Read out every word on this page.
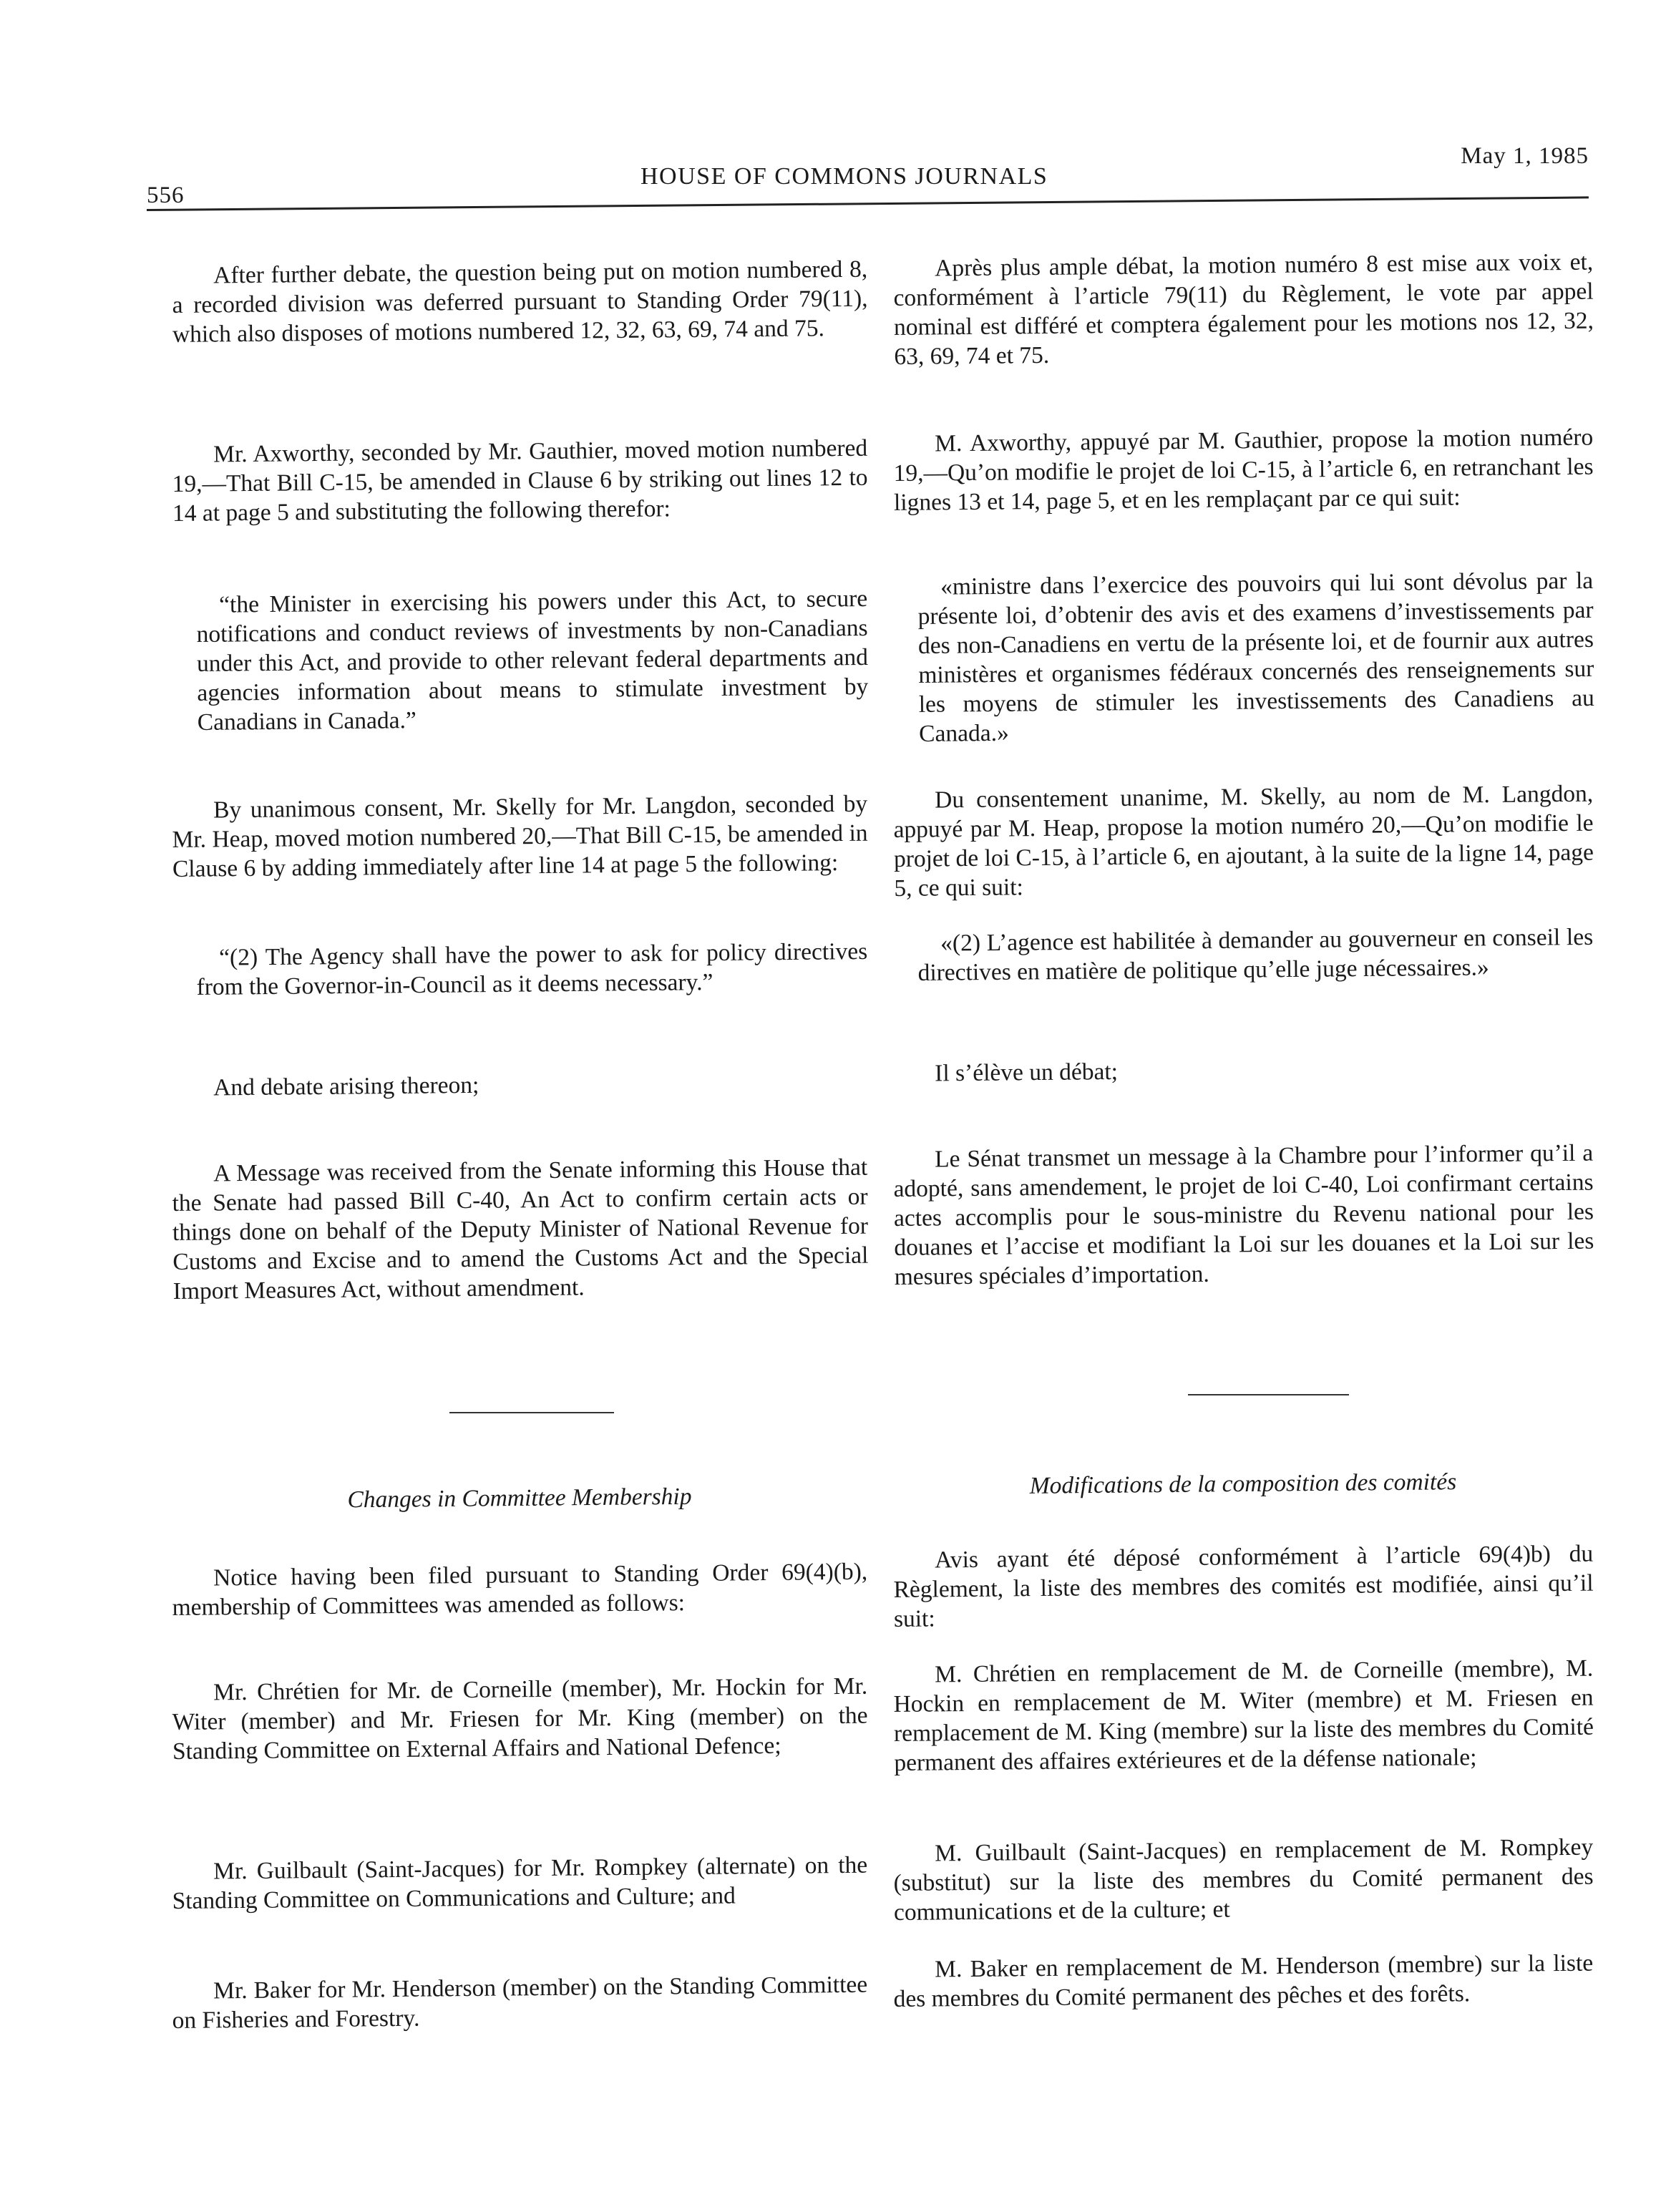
556
HOUSE OF COMMONS JOURNALS
May 1, 1985

After further debate, the question being put on motion numbered 8, a recorded division was deferred pursuant to Standing Order 79(11), which also disposes of motions numbered 12, 32, 63, 69, 74 and 75.

Mr. Axworthy, seconded by Mr. Gauthier, moved motion numbered 19,—That Bill C-15, be amended in Clause 6 by striking out lines 12 to 14 at page 5 and substituting the following therefor:

“the Minister in exercising his powers under this Act, to secure notifications and conduct reviews of investments by non-Canadians under this Act, and provide to other relevant federal departments and agencies information about means to stimulate investment by Canadians in Canada.”

By unanimous consent, Mr. Skelly for Mr. Langdon, seconded by Mr. Heap, moved motion numbered 20,—That Bill C-15, be amended in Clause 6 by adding immediately after line 14 at page 5 the following:

“(2) The Agency shall have the power to ask for policy directives from the Governor-in-Council as it deems necessary.”

And debate arising thereon;

A Message was received from the Senate informing this House that the Senate had passed Bill C-40, An Act to confirm certain acts or things done on behalf of the Deputy Minister of National Revenue for Customs and Excise and to amend the Customs Act and the Special Import Measures Act, without amendment.

Changes in Committee Membership

Notice having been filed pursuant to Standing Order 69(4)(b), membership of Committees was amended as follows:

Mr. Chrétien for Mr. de Corneille (member), Mr. Hockin for Mr. Witer (member) and Mr. Friesen for Mr. King (member) on the Standing Committee on External Affairs and National Defence;

Mr. Guilbault (Saint-Jacques) for Mr. Rompkey (alternate) on the Standing Committee on Communications and Culture; and

Mr. Baker for Mr. Henderson (member) on the Standing Committee on Fisheries and Forestry.

Après plus ample débat, la motion numéro 8 est mise aux voix et, conformément à l’article 79(11) du Règlement, le vote par appel nominal est différé et comptera également pour les motions nos 12, 32, 63, 69, 74 et 75.

M. Axworthy, appuyé par M. Gauthier, propose la motion numéro 19,—Qu’on modifie le projet de loi C-15, à l’article 6, en retranchant les lignes 13 et 14, page 5, et en les remplaçant par ce qui suit:

«ministre dans l’exercice des pouvoirs qui lui sont dévolus par la présente loi, d’obtenir des avis et des examens d’investissements par des non-Canadiens en vertu de la présente loi, et de fournir aux autres ministères et organismes fédéraux concernés des renseignements sur les moyens de stimuler les investissements des Canadiens au Canada.»

Du consentement unanime, M. Skelly, au nom de M. Langdon, appuyé par M. Heap, propose la motion numéro 20,—Qu’on modifie le projet de loi C-15, à l’article 6, en ajoutant, à la suite de la ligne 14, page 5, ce qui suit:

«(2) L’agence est habilitée à demander au gouverneur en conseil les directives en matière de politique qu’elle juge nécessaires.»

Il s’élève un débat;

Le Sénat transmet un message à la Chambre pour l’informer qu’il a adopté, sans amendement, le projet de loi C-40, Loi confirmant certains actes accomplis pour le sous-ministre du Revenu national pour les douanes et l’accise et modifiant la Loi sur les douanes et la Loi sur les mesures spéciales d’importation.

Modifications de la composition des comités

Avis ayant été déposé conformément à l’article 69(4)b) du Règlement, la liste des membres des comités est modifiée, ainsi qu’il suit:

M. Chrétien en remplacement de M. de Corneille (membre), M. Hockin en remplacement de M. Witer (membre) et M. Friesen en remplacement de M. King (membre) sur la liste des membres du Comité permanent des affaires extérieures et de la défense nationale;

M. Guilbault (Saint-Jacques) en remplacement de M. Rompkey (substitut) sur la liste des membres du Comité permanent des communications et de la culture; et

M. Baker en remplacement de M. Henderson (membre) sur la liste des membres du Comité permanent des pêches et des forêts.
